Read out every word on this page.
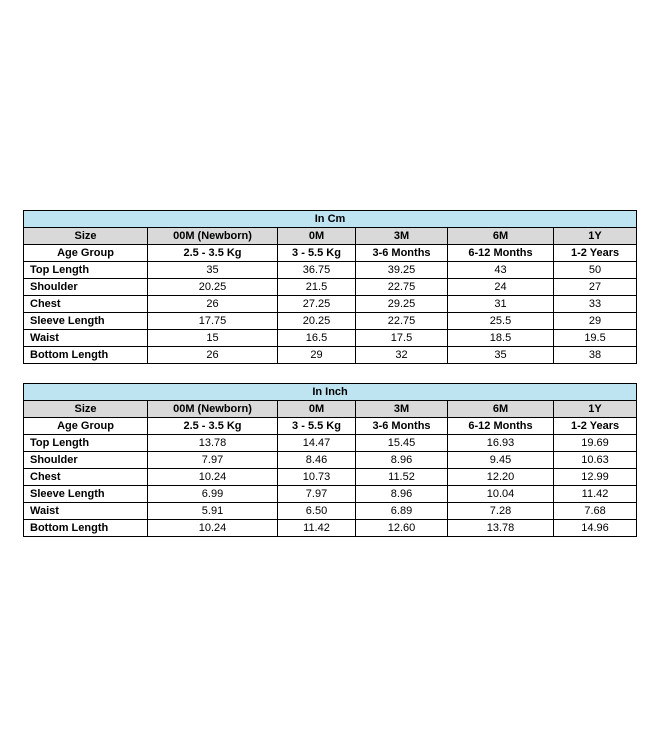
In Cm					
Size	00M (Newborn)	0M	3M	6M	1Y
Age Group	2.5 - 3.5 Kg	3 - 5.5 Kg	3-6 Months	6-12 Months	1-2 Years
Top Length	35	36.75	39.25	43	50
Shoulder	20.25	21.5	22.75	24	27
Chest	26	27.25	29.25	31	33
Sleeve Length	17.75	20.25	22.75	25.5	29
Waist	15	16.5	17.5	18.5	19.5
Bottom Length	26	29	32	35	38
In Inch					
Size	00M (Newborn)	0M	3M	6M	1Y
Age Group	2.5 - 3.5 Kg	3 - 5.5 Kg	3-6 Months	6-12 Months	1-2 Years
Top Length	13.78	14.47	15.45	16.93	19.69
Shoulder	7.97	8.46	8.96	9.45	10.63
Chest	10.24	10.73	11.52	12.20	12.99
Sleeve Length	6.99	7.97	8.96	10.04	11.42
Waist	5.91	6.50	6.89	7.28	7.68
Bottom Length	10.24	11.42	12.60	13.78	14.96
